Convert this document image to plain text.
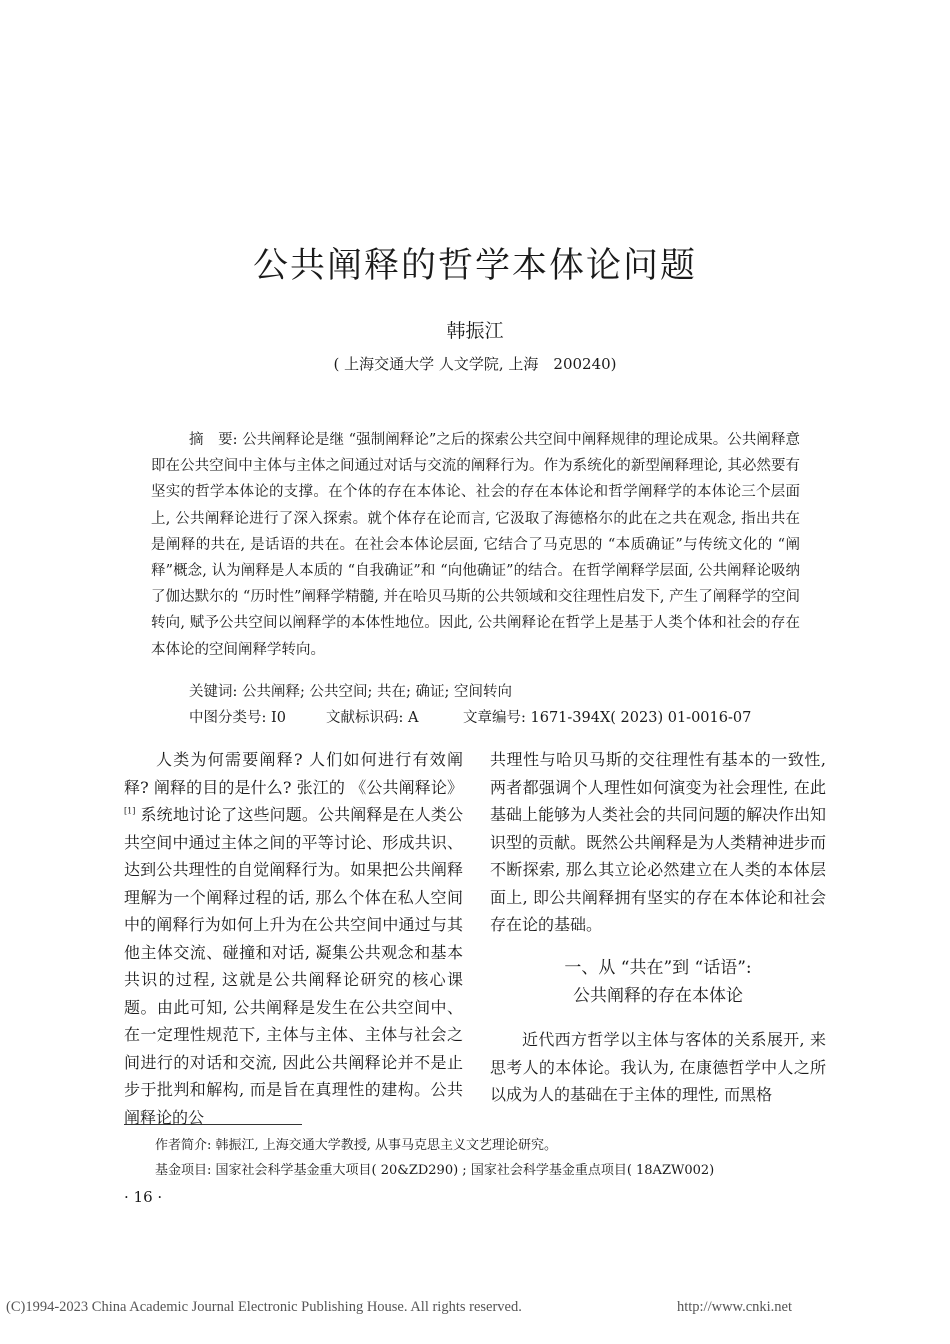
公共阐释的哲学本体论问题
韩振江
( 上海交通大学 人文学院, 上海　200240)

摘　要: 公共阐释论是继 “强制阐释论”之后的探索公共空间中阐释规律的理论成果。公共阐释意即在公共空间中主体与主体之间通过对话与交流的阐释行为。作为系统化的新型阐释理论, 其必然要有坚实的哲学本体论的支撑。在个体的存在本体论、社会的存在本体论和哲学阐释学的本体论三个层面上, 公共阐释论进行了深入探索。就个体存在论而言, 它汲取了海德格尔的此在之共在观念, 指出共在是阐释的共在, 是话语的共在。在社会本体论层面, 它结合了马克思的 “本质确证”与传统文化的 “阐释”概念, 认为阐释是人本质的 “自我确证”和 “向他确证”的结合。在哲学阐释学层面, 公共阐释论吸纳了伽达默尔的 “历时性”阐释学精髓, 并在哈贝马斯的公共领域和交往理性启发下, 产生了阐释学的空间转向, 赋予公共空间以阐释学的本体性地位。因此, 公共阐释论在哲学上是基于人类个体和社会的存在本体论的空间阐释学转向。

关键词: 公共阐释; 公共空间; 共在; 确证; 空间转向
中图分类号: I0	文献标识码: A	文章编号: 1671-394X( 2023) 01-0016-07

人类为何需要阐释? 人们如何进行有效阐释? 阐释的目的是什么? 张江的 《公共阐释论》[1] 系统地讨论了这些问题。公共阐释是在人类公共空间中通过主体之间的平等讨论、形成共识、达到公共理性的自觉阐释行为。如果把公共阐释理解为一个阐释过程的话, 那么个体在私人空间中的阐释行为如何上升为在公共空间中通过与其他主体交流、碰撞和对话, 凝集公共观念和基本共识的过程, 这就是公共阐释论研究的核心课题。由此可知, 公共阐释是发生在公共空间中、在一定理性规范下, 主体与主体、主体与社会之间进行的对话和交流, 因此公共阐释论并不是止步于批判和解构, 而是旨在真理性的建构。公共阐释论的公

共理性与哈贝马斯的交往理性有基本的一致性, 两者都强调个人理性如何演变为社会理性, 在此基础上能够为人类社会的共同问题的解决作出知识型的贡献。既然公共阐释是为人类精神进步而不断探索, 那么其立论必然建立在人类的本体层面上, 即公共阐释拥有坚实的存在本体论和社会存在论的基础。

一、从 “共在”到 “话语”:
公共阐释的存在本体论

近代西方哲学以主体与客体的关系展开, 来思考人的本体论。我认为, 在康德哲学中人之所以成为人的基础在于主体的理性, 而黑格

作者简介: 韩振江, 上海交通大学教授, 从事马克思主义文艺理论研究。
基金项目: 国家社会科学基金重大项目( 20&ZD290) ; 国家社会科学基金重点项目( 18AZW002)
· 16 ·
(C)1994-2023 China Academic Journal Electronic Publishing House. All rights reserved.	http://www.cnki.net
